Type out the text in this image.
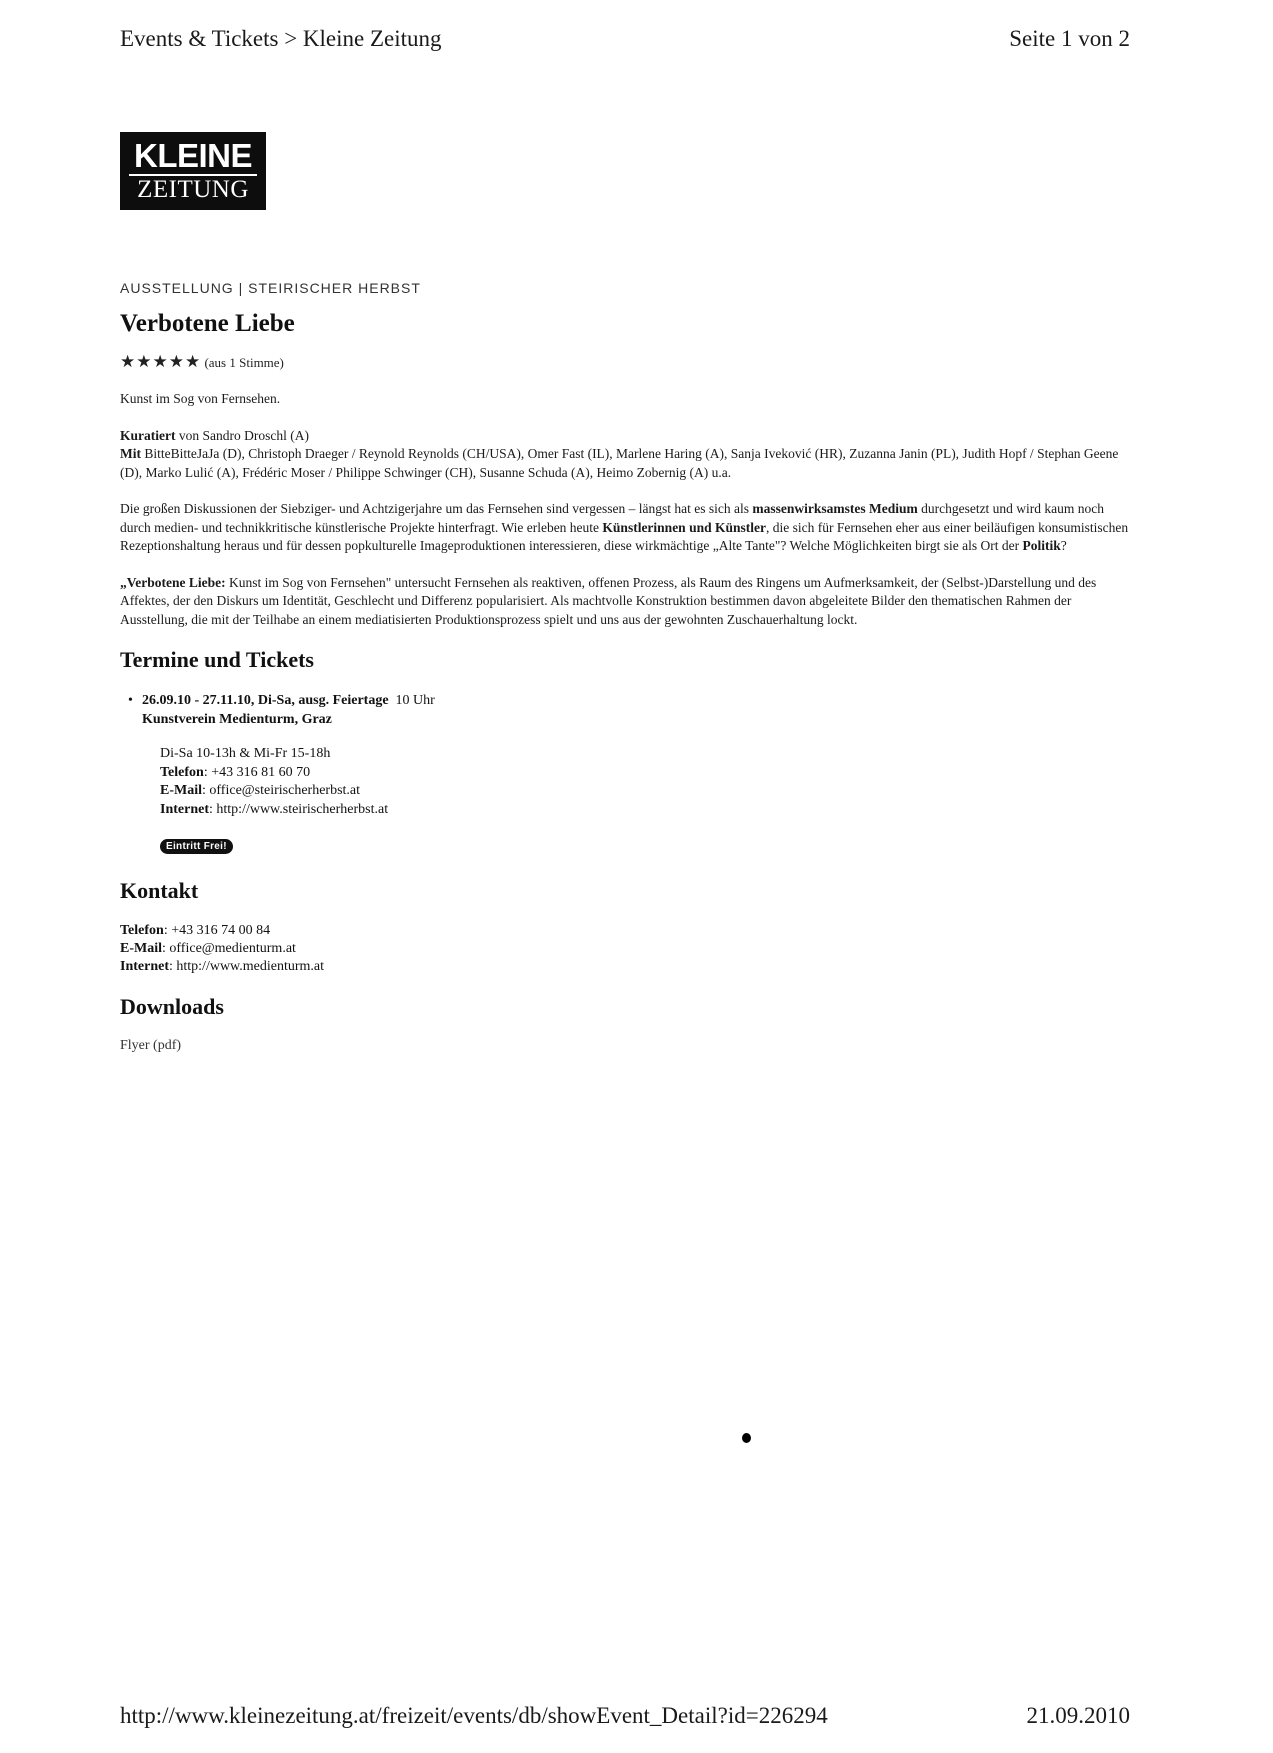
Events & Tickets > Kleine Zeitung	Seite 1 von 2
KLEINE
ZEITUNG
AUSSTELLUNG | STEIRISCHER HERBST
Verbotene Liebe
★★★★★ (aus 1 Stimme)
Kunst im Sog von Fernsehen.
Kuratiert von Sandro Droschl (A)
Mit BitteBitteJaJa (D), Christoph Draeger / Reynold Reynolds (CH/USA), Omer Fast (IL), Marlene Haring (A), Sanja Iveković (HR), Zuzanna Janin (PL), Judith Hopf / Stephan Geene (D), Marko Lulić (A), Frédéric Moser / Philippe Schwinger (CH), Susanne Schuda (A), Heimo Zobernig (A) u.a.
Die großen Diskussionen der Siebziger- und Achtzigerjahre um das Fernsehen sind vergessen – längst hat es sich als massenwirksamstes Medium durchgesetzt und wird kaum noch durch medien- und technikkritische künstlerische Projekte hinterfragt. Wie erleben heute Künstlerinnen und Künstler, die sich für Fernsehen eher aus einer beiläufigen konsumistischen Rezeptionshaltung heraus und für dessen popkulturelle Imageproduktionen interessieren, diese wirkmächtige „Alte Tante"? Welche Möglichkeiten birgt sie als Ort der Politik?
„Verbotene Liebe: Kunst im Sog von Fernsehen" untersucht Fernsehen als reaktiven, offenen Prozess, als Raum des Ringens um Aufmerksamkeit, der (Selbst-)Darstellung und des Affektes, der den Diskurs um Identität, Geschlecht und Differenz popularisiert. Als machtvolle Konstruktion bestimmen davon abgeleitete Bilder den thematischen Rahmen der Ausstellung, die mit der Teilhabe an einem mediatisierten Produktionsprozess spielt und uns aus der gewohnten Zuschauerhaltung lockt.
Termine und Tickets
• 26.09.10 - 27.11.10, Di-Sa, ausg. Feiertage 10 Uhr
Kunstverein Medienturm, Graz
Di-Sa 10-13h & Mi-Fr 15-18h
Telefon: +43 316 81 60 70
E-Mail: office@steirischerherbst.at
Internet: http://www.steirischerherbst.at
Eintritt Frei!
Kontakt
Telefon: +43 316 74 00 84
E-Mail: office@medienturm.at
Internet: http://www.medienturm.at
Downloads
Flyer (pdf)
http://www.kleinezeitung.at/freizeit/events/db/showEvent_Detail?id=226294	21.09.2010
